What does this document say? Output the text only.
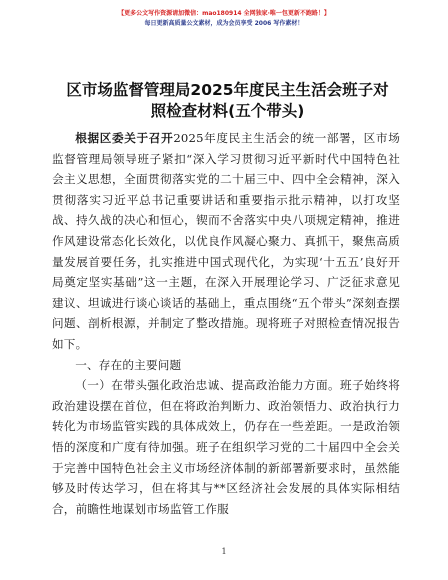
【更多公文写作资源请加微信：mao180914 全网独家·唯一包更新不跑路！】
每日更新高质量公文素材，成为会员享受 2006 写作素材！
区市场监督管理局2025年度民主生活会班子对照检查材料(五个带头)

根据区委关于召开2025年度民主生活会的统一部署，区市场监督管理局领导班子紧扣“深入学习贯彻习近平新时代中国特色社会主义思想，全面贯彻落实党的二十届三中、四中全会精神，深入贯彻落实习近平总书记重要讲话和重要指示批示精神，以打攻坚战、持久战的决心和恒心，锲而不舍落实中央八项规定精神，推进作风建设常态化长效化，以优良作风凝心聚力、真抓干，聚焦高质量发展首要任务，扎实推进中国式现代化，为实现‘十五五’良好开局奠定坚实基础”这一主题，在深入开展理论学习、广泛征求意见建议、坦诚进行谈心谈话的基础上，重点围绕“五个带头”深刻查摆问题、剖析根源，并制定了整改措施。现将班子对照检查情况报告如下。

一、存在的主要问题

（一）在带头强化政治忠诚、提高政治能力方面。班子始终将政治建设摆在首位，但在将政治判断力、政治领悟力、政治执行力转化为市场监管实践的具体成效上，仍存在一些差距。一是政治领悟的深度和广度有待加强。班子在组织学习党的二十届四中全会关于完善中国特色社会主义市场经济体制的新部署新要求时，虽然能够及时传达学习，但在将其与**区经济社会发展的具体实际相结合，前瞻性地谋划市场监管工作服

1
